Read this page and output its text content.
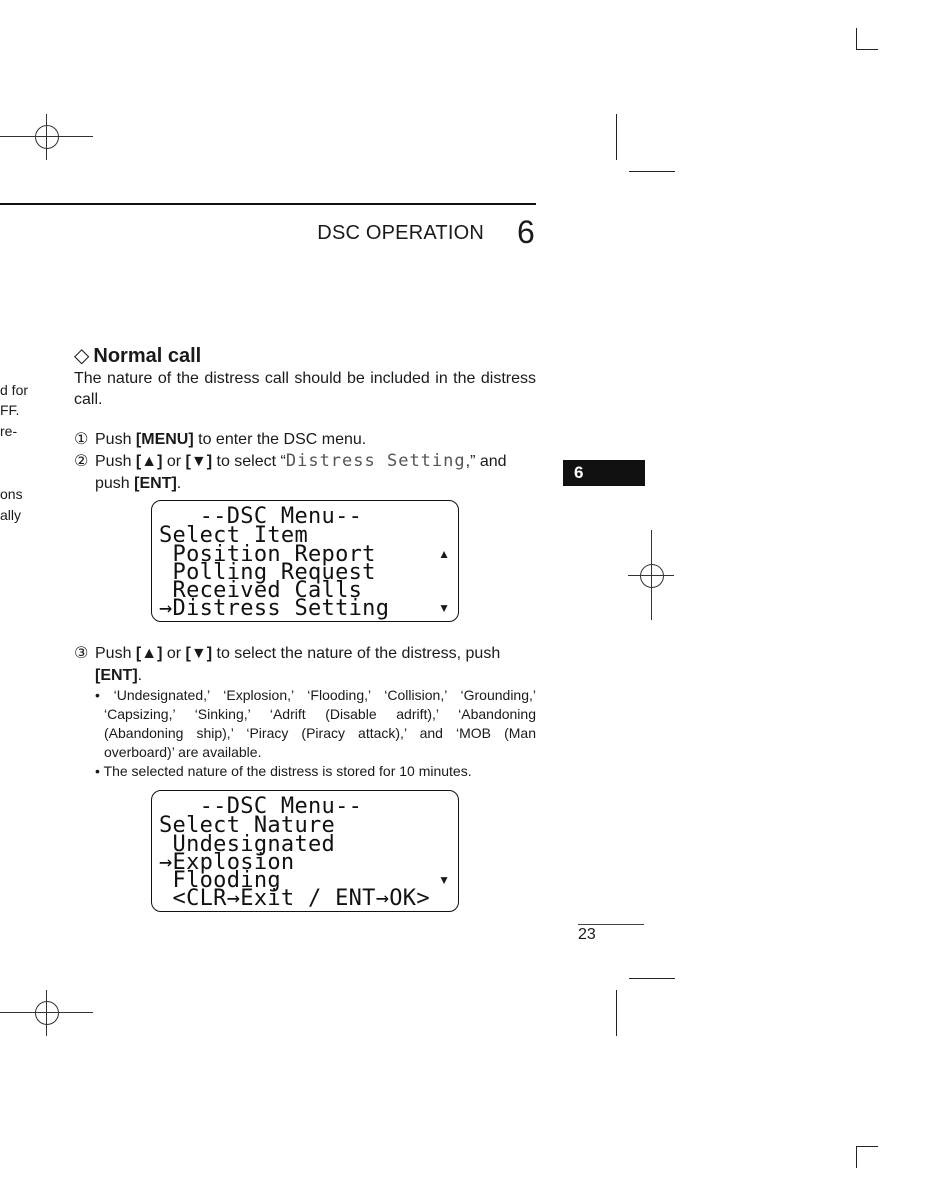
DSC OPERATION 6
d for
FF.
re-
ons
ally
◇ Normal call
The nature of the distress call should be included in the distress call.
① Push [MENU] to enter the DSC menu.
② Push [▲] or [▼] to select “Distress Setting,” and
push [ENT].
--DSC Menu--
Select Item
Position Report
Polling Request
Received Calls
→Distress Setting
▲
▼
③ Push [▲] or [▼] to select the nature of the distress, push
[ENT].
• ‘Undesignated,’ ‘Explosion,’ ‘Flooding,’ ‘Collision,’ ‘Grounding,’ ‘Capsizing,’ ‘Sinking,’ ‘Adrift (Disable adrift),’ ‘Abandoning (Abandoning ship),’ ‘Piracy (Piracy attack),’ and ‘MOB (Man overboard)’ are available.
• The selected nature of the distress is stored for 10 minutes.
--DSC Menu--
Select Nature
Undesignated
→Explosion
Flooding
<CLR→Exit / ENT→OK>
▼
6
23
